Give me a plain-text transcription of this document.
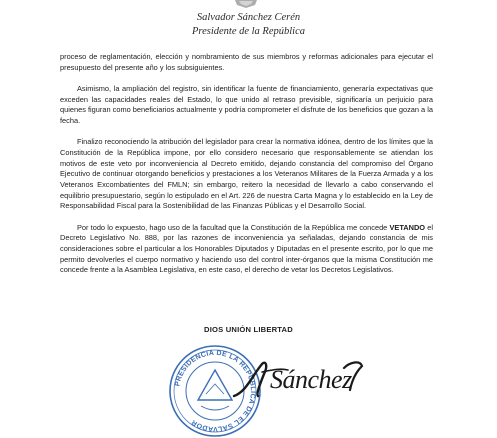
Salvador Sánchez Cerén
Presidente de la República

proceso de reglamentación, elección y nombramiento de sus miembros y reformas adicionales para ejecutar el presupuesto del presente año y los subsiguientes.

Asimismo, la ampliación del registro, sin identificar la fuente de financiamiento, generaría expectativas que exceden las capacidades reales del Estado, lo que unido al retraso previsible, significaría un perjuicio para quienes figuran como beneficiarios actualmente y podría comprometer el disfrute de los beneficios que gozan a la fecha.

Finalizo reconociendo la atribución del legislador para crear la normativa idónea, dentro de los límites que la Constitución de la República impone, por ello considero necesario que responsablemente se atiendan los motivos de este veto por inconveniencia al Decreto emitido, dejando constancia del compromiso del Órgano Ejecutivo de continuar otorgando beneficios y prestaciones a los Veteranos Militares de la Fuerza Armada y a los Veteranos Excombatientes del FMLN; sin embargo, reitero la necesidad de llevarlo a cabo conservando el equilibrio presupuestario, según lo estipulado en el Art. 226 de nuestra Carta Magna y lo establecido en la Ley de Responsabilidad Fiscal para la Sostenibilidad de las Finanzas Públicas y el Desarrollo Social.

Por todo lo expuesto, hago uso de la facultad que la Constitución de la República me concede VETANDO el Decreto Legislativo No. 888, por las razones de inconveniencia ya señaladas, dejando constancia de mis consideraciones sobre el particular a los Honorables Diputados y Diputadas en el presente escrito, por lo que me permito devolverles el cuerpo normativo y haciendo uso del control inter-órganos que la misma Constitución me concede frente a la Asamblea Legislativa, en este caso, el derecho de vetar los Decretos Legislativos.

DIOS UNIÓN LIBERTAD
PRESIDENCIA DE LA REPÚBLICA DE EL SALVADOR
Sánchez
